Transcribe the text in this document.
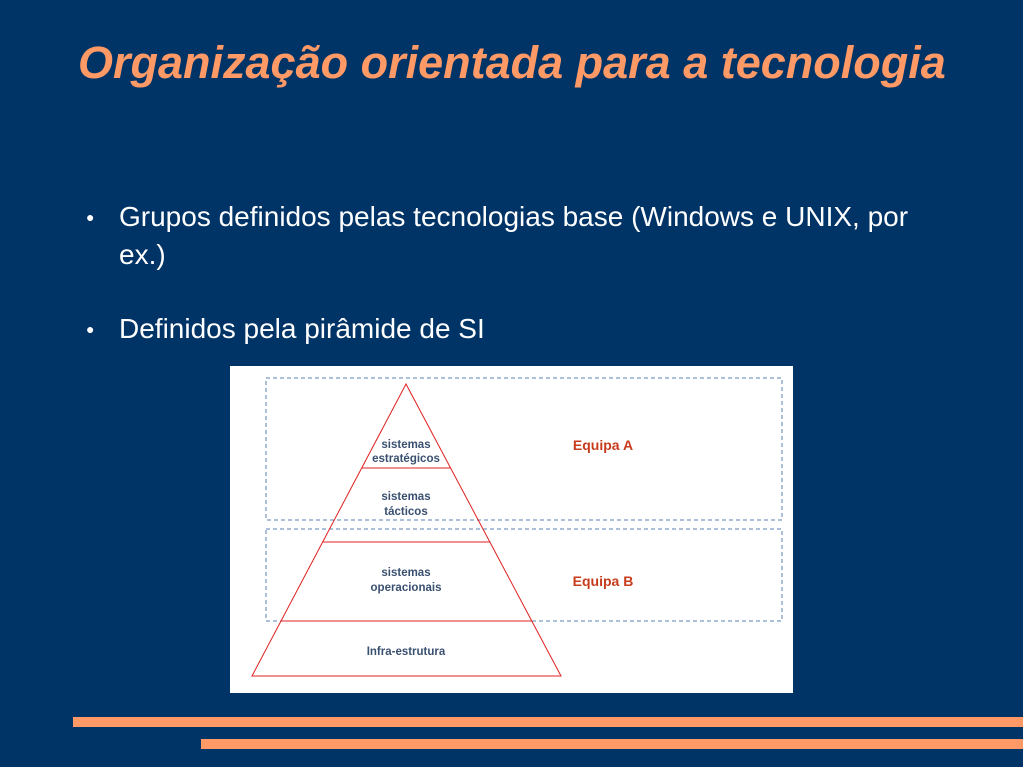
Organização orientada para a tecnologia
● Grupos definidos pelas tecnologias base (Windows e UNIX, por ex.)
● Definidos pela pirâmide de SI
sistemas
estratégicos
sistemas
tácticos
sistemas
operacionais
Infra-estrutura
Equipa A
Equipa B
